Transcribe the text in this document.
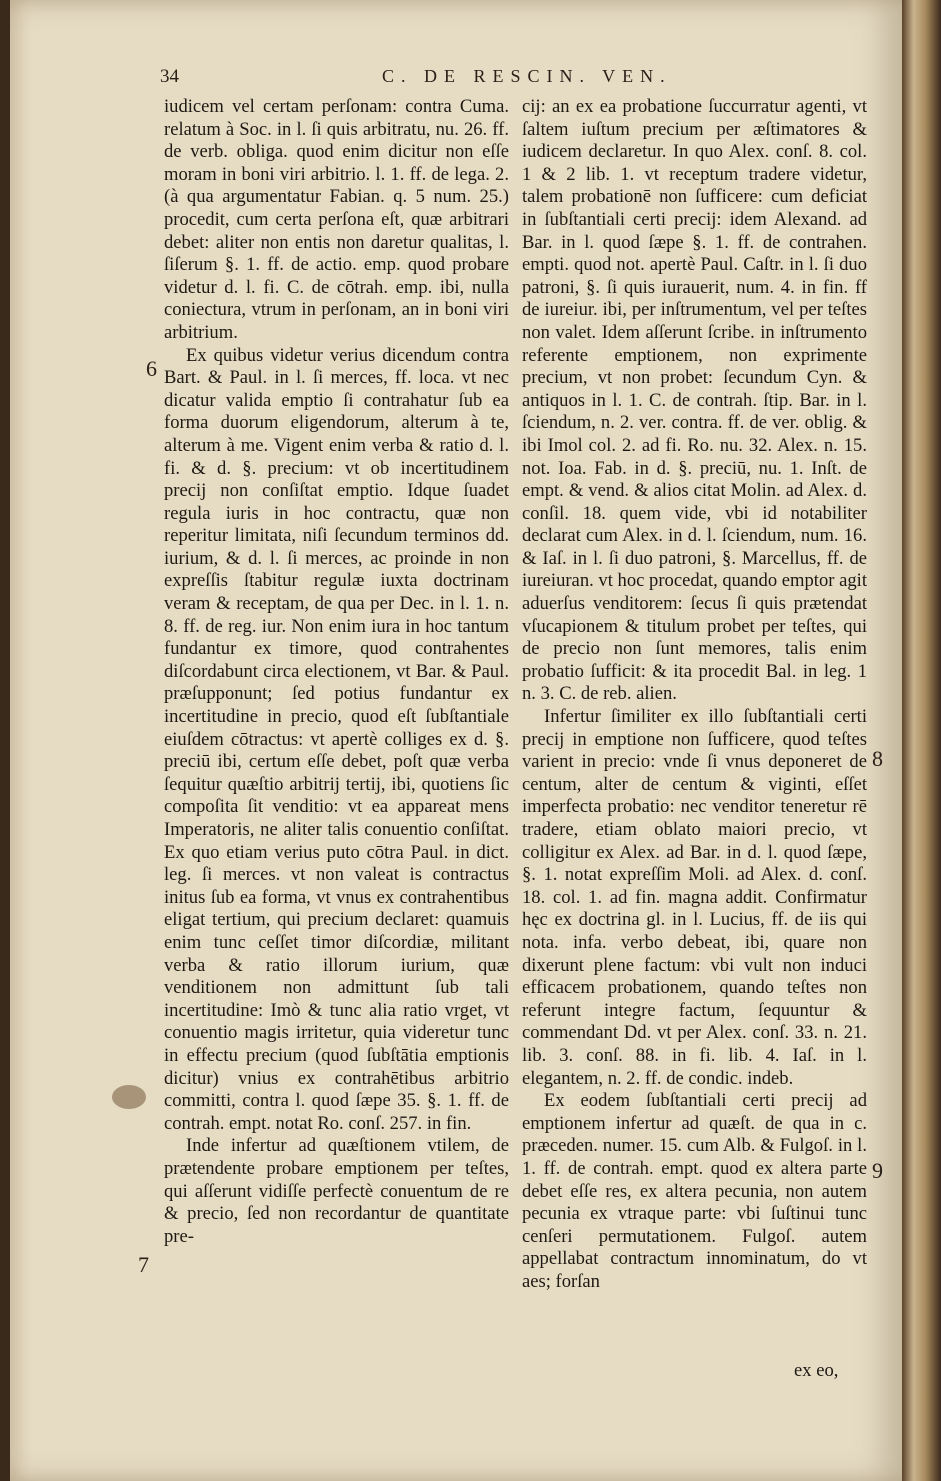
34	C. DE RESCIN. VEN.

iudicem vel certam perſonam: contra Cuma. relatum à Soc. in l. ſi quis arbitratu, nu. 26. ff. de verb. obliga. quod enim dicitur non eſſe moram in boni viri arbitrio. l. 1. ff. de lega. 2. (à qua argumentatur Fabian. q. 5 num. 25.) procedit, cum certa perſona eſt, quæ arbitrari debet: aliter non entis non daretur qualitas, l. ſiſerum §. 1. ff. de actio. emp. quod probare videtur d. l. fi. C. de cōtrah. emp. ibi, nulla coniectura, vtrum in perſonam, an in boni viri arbitrium.

Ex quibus videtur verius dicendum contra Bart. & Paul. in l. ſi merces, ff. loca. vt nec dicatur valida emptio ſi contrahatur ſub ea forma duorum eligendorum, alterum à te, alterum à me. Vigent enim verba & ratio d. l. fi. & d. §. precium: vt ob incertitudinem precij non conſiſtat emptio. Idque ſuadet regula iuris in hoc contractu, quæ non reperitur limitata, niſi ſecundum terminos dd. iurium, & d. l. ſi merces, ac proinde in non expreſſis ſtabitur regulæ iuxta doctrinam veram & receptam, de qua per Dec. in l. 1. n. 8. ff. de reg. iur. Non enim iura in hoc tantum fundantur ex timore, quod contrahentes diſcordabunt circa electionem, vt Bar. & Paul. præſupponunt; ſed potius fundantur ex incertitudine in precio, quod eſt ſubſtantiale eiuſdem cōtractus: vt apertè colliges ex d. §. preciū ibi, certum eſſe debet, poſt quæ verba ſequitur quæſtio arbitrij tertij, ibi, quotiens ſic compoſita ſit venditio: vt ea appareat mens Imperatoris, ne aliter talis conuentio conſiſtat. Ex quo etiam verius puto cōtra Paul. in dict. leg. ſi merces. vt non valeat is contractus initus ſub ea forma, vt vnus ex contrahentibus eligat tertium, qui precium declaret: quamuis enim tunc ceſſet timor diſcordiæ, militant verba & ratio illorum iurium, quæ venditionem non admittunt ſub tali incertitudine: Imò & tunc alia ratio vrget, vt conuentio magis irritetur, quia videretur tunc in effectu precium (quod ſubſtātia emptionis dicitur) vnius ex contrahētibus arbitrio committi, contra l. quod ſæpe 35. §. 1. ff. de contrah. empt. notat Ro. conſ. 257. in fin.

Inde infertur ad quæſtionem vtilem, de prætendente probare emptionem per teſtes, qui aſſerunt vidiſſe perfectè conuentum de re & precio, ſed non recordantur de quantitate pre-

cij: an ex ea probatione ſuccurratur agenti, vt ſaltem iuſtum precium per æſtimatores & iudicem declaretur. In quo Alex. conſ. 8. col. 1 & 2 lib. 1. vt receptum tradere videtur, talem probationē non ſufficere: cum deficiat in ſubſtantiali certi precij: idem Alexand. ad Bar. in l. quod ſæpe §. 1. ff. de contrahen. empti. quod not. apertè Paul. Caſtr. in l. ſi duo patroni, §. ſi quis iurauerit, num. 4. in fin. ff de iureiur. ibi, per inſtrumentum, vel per teſtes non valet. Idem aſſerunt ſcribe. in inſtrumento referente emptionem, non exprimente precium, vt non probet: ſecundum Cyn. & antiquos in l. 1. C. de contrah. ſtip. Bar. in l. ſciendum, n. 2. ver. contra. ff. de ver. oblig. & ibi Imol col. 2. ad fi. Ro. nu. 32. Alex. n. 15. not. Ioa. Fab. in d. §. preciū, nu. 1. Inſt. de empt. & vend. & alios citat Molin. ad Alex. d. conſil. 18. quem vide, vbi id notabiliter declarat cum Alex. in d. l. ſciendum, num. 16. & Iaſ. in l. ſi duo patroni, §. Marcellus, ff. de iureiuran. vt hoc procedat, quando emptor agit aduerſus venditorem: ſecus ſi quis prætendat vſucapionem & titulum probet per teſtes, qui de precio non ſunt memores, talis enim probatio ſufficit: & ita procedit Bal. in leg. 1 n. 3. C. de reb. alien.

Infertur ſimiliter ex illo ſubſtantiali certi precij in emptione non ſufficere, quod teſtes varient in precio: vnde ſi vnus deponeret de centum, alter de centum & viginti, eſſet imperfecta probatio: nec venditor teneretur rē tradere, etiam oblato maiori precio, vt colligitur ex Alex. ad Bar. in d. l. quod ſæpe, §. 1. notat expreſſim Moli. ad Alex. d. conſ. 18. col. 1. ad fin. magna addit. Confirmatur hęc ex doctrina gl. in l. Lucius, ff. de iis qui nota. infa. verbo debeat, ibi, quare non dixerunt plene factum: vbi vult non induci efficacem probationem, quando teſtes non referunt integre factum, ſequuntur & commendant Dd. vt per Alex. conſ. 33. n. 21. lib. 3. conſ. 88. in fi. lib. 4. Iaſ. in l. elegantem, n. 2. ff. de condic. indeb.

Ex eodem ſubſtantiali certi precij ad emptionem infertur ad quæſt. de qua in c. præceden. numer. 15. cum Alb. & Fulgoſ. in l. 1. ff. de contrah. empt. quod ex altera parte debet eſſe res, ex altera pecunia, non autem pecunia ex vtraque parte: vbi ſuſtinui tunc cenſeri permutationem. Fulgoſ. autem appellabat contractum innominatum, do vt aes; forſan

6
7
8
9
ex eo,
